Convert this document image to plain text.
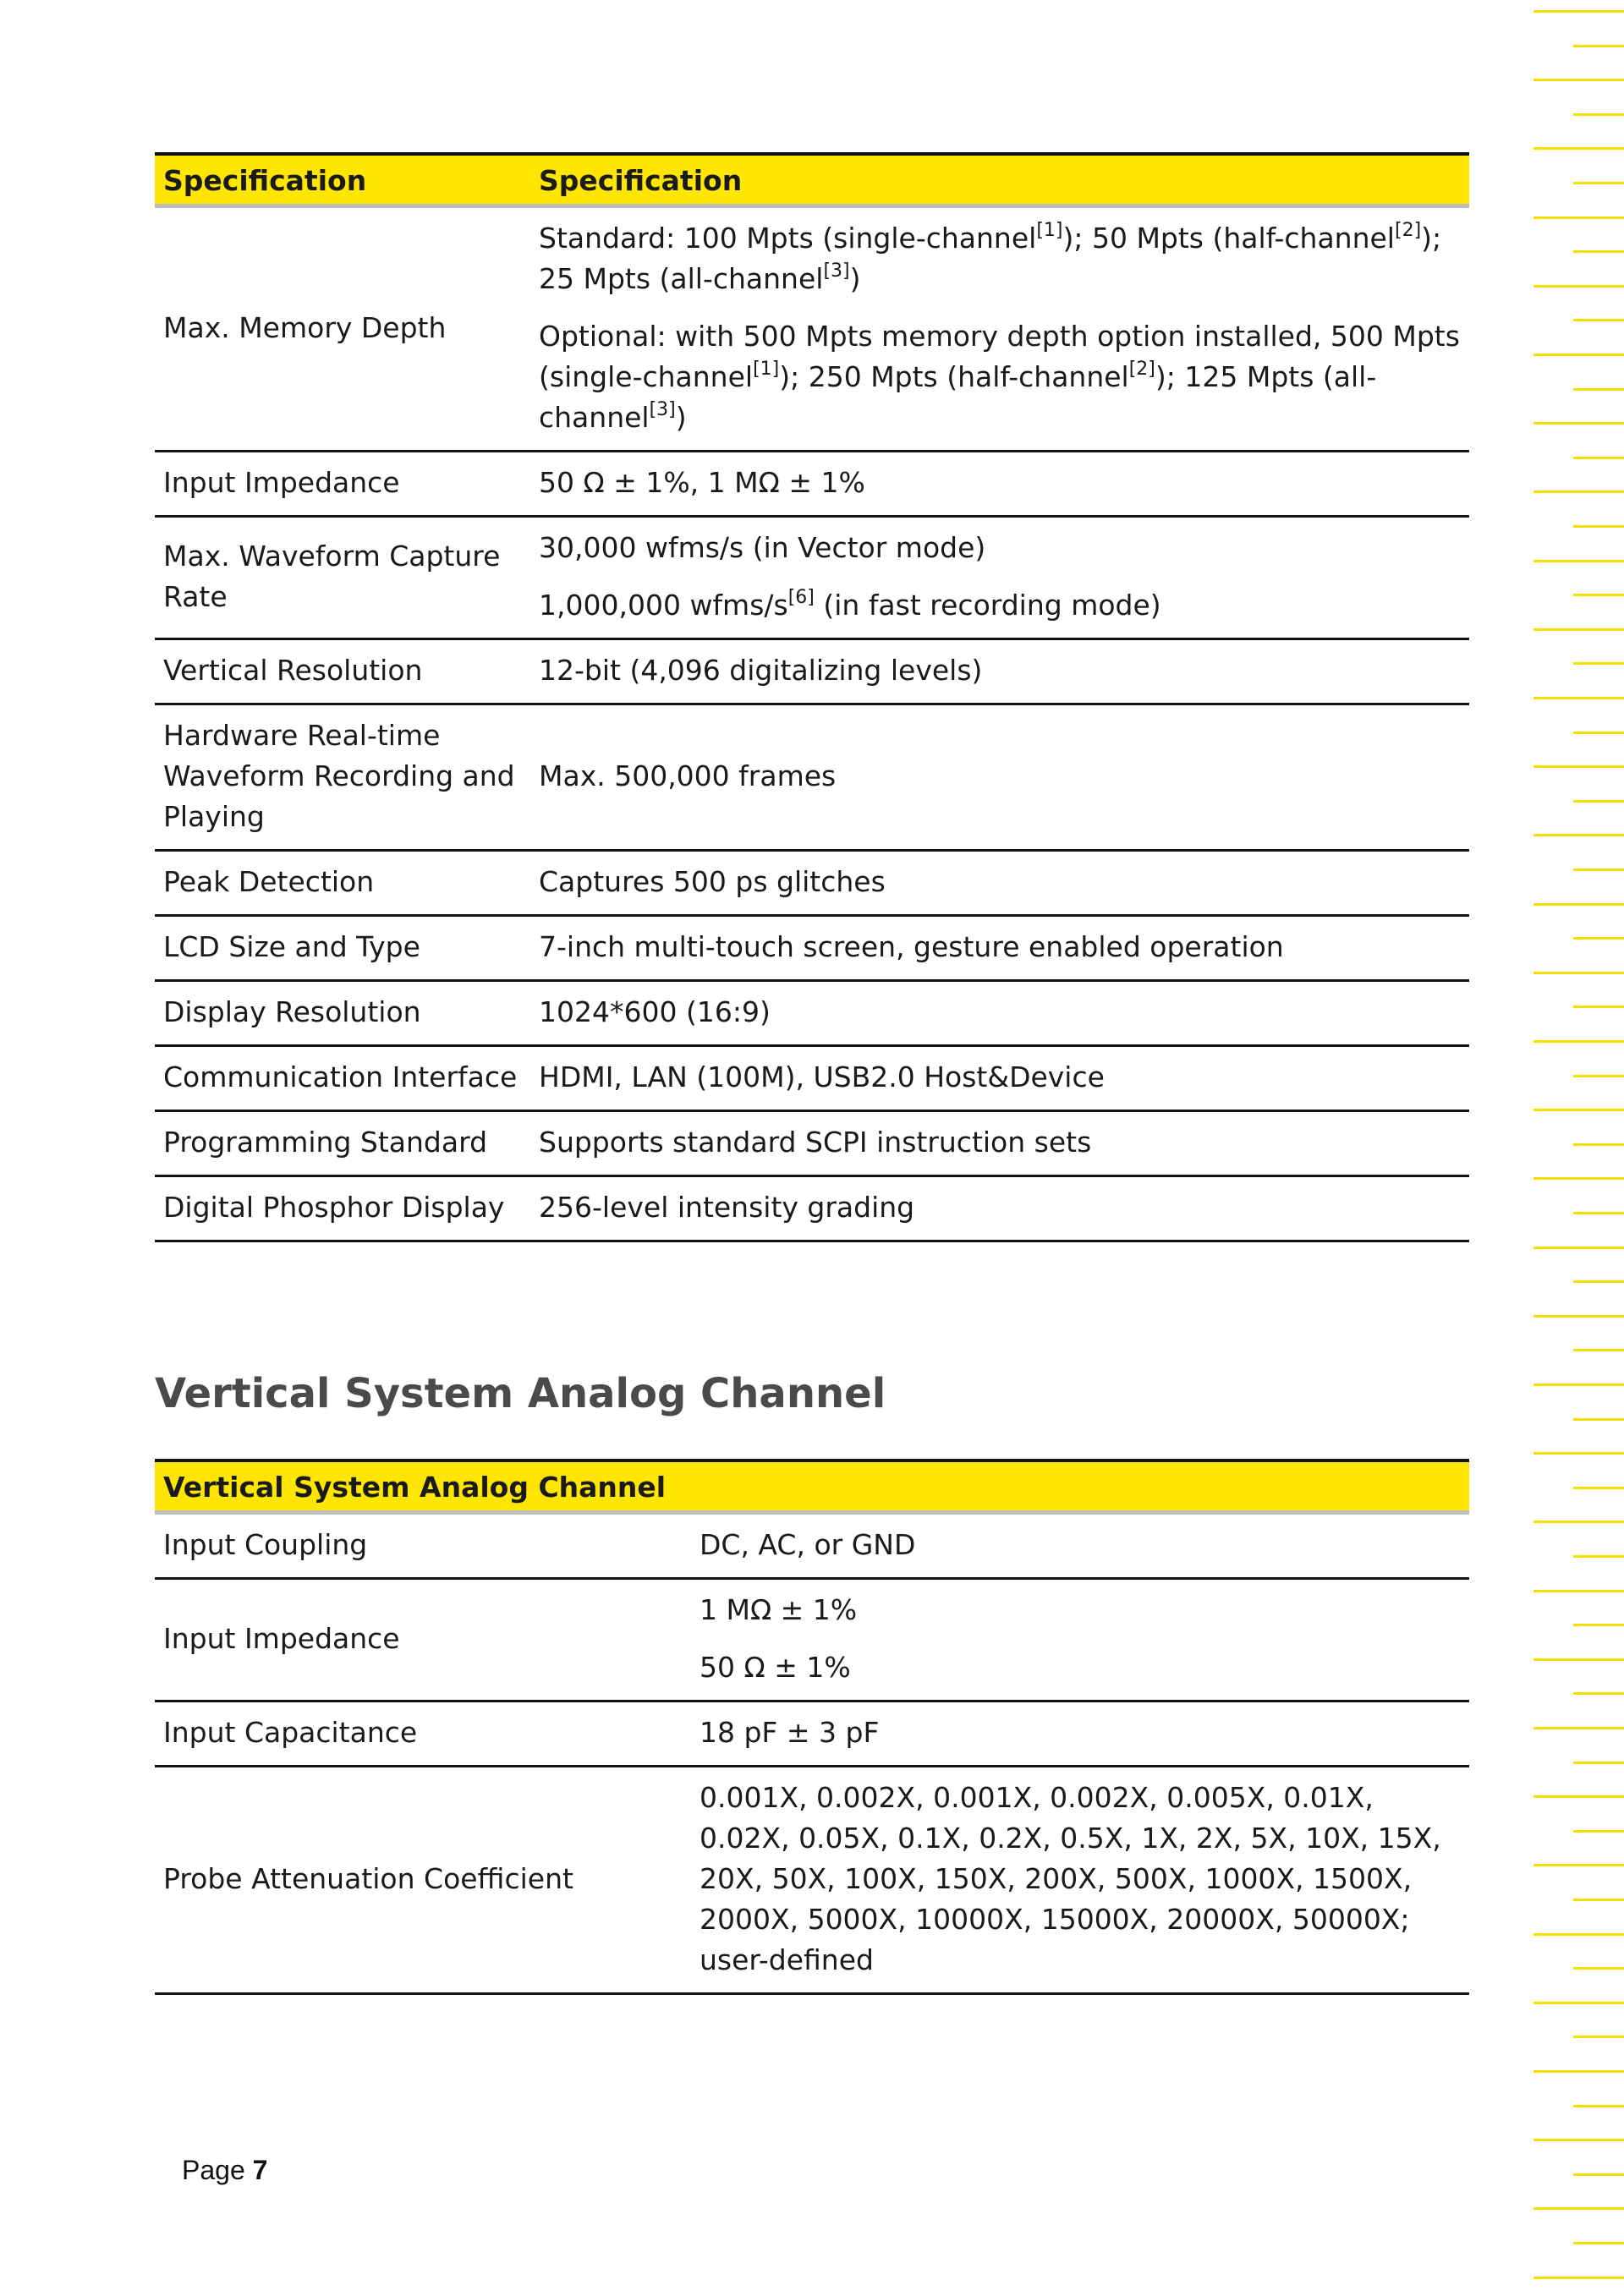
Specification	Specification
Max. Memory Depth	Standard: 100 Mpts (single-channel[1]); 50 Mpts (half-channel[2]); 25 Mpts (all-channel[3])

Optional: with 500 Mpts memory depth option installed, 500 Mpts (single-channel[1]); 250 Mpts (half-channel[2]); 125 Mpts (all-channel[3])

Input Impedance	50 Ω ± 1%, 1 MΩ ± 1%
Max. Waveform Capture Rate	30,000 wfms/s (in Vector mode)

1,000,000 wfms/s[6] (in fast recording mode)

Vertical Resolution	12-bit (4,096 digitalizing levels)
Hardware Real-time Waveform Recording and Playing	Max. 500,000 frames
Peak Detection	Captures 500 ps glitches
LCD Size and Type	7-inch multi-touch screen, gesture enabled operation
Display Resolution	1024*600 (16:9)
Communication Interface	HDMI, LAN (100M), USB2.0 Host&Device
Programming Standard	Supports standard SCPI instruction sets
Digital Phosphor Display	256-level intensity grading
Vertical System Analog Channel
Vertical System Analog Channel	
Input Coupling	DC, AC, or GND
Input Impedance	1 MΩ ± 1%

50 Ω ± 1%

Input Capacitance	18 pF ± 3 pF
Probe Attenuation Coefficient	0.001X, 0.002X, 0.001X, 0.002X, 0.005X, 0.01X, 0.02X, 0.05X, 0.1X, 0.2X, 0.5X, 1X, 2X, 5X, 10X, 15X, 20X, 50X, 100X, 150X, 200X, 500X, 1000X, 1500X, 2000X, 5000X, 10000X, 15000X, 20000X, 50000X; user-defined
Page 7
